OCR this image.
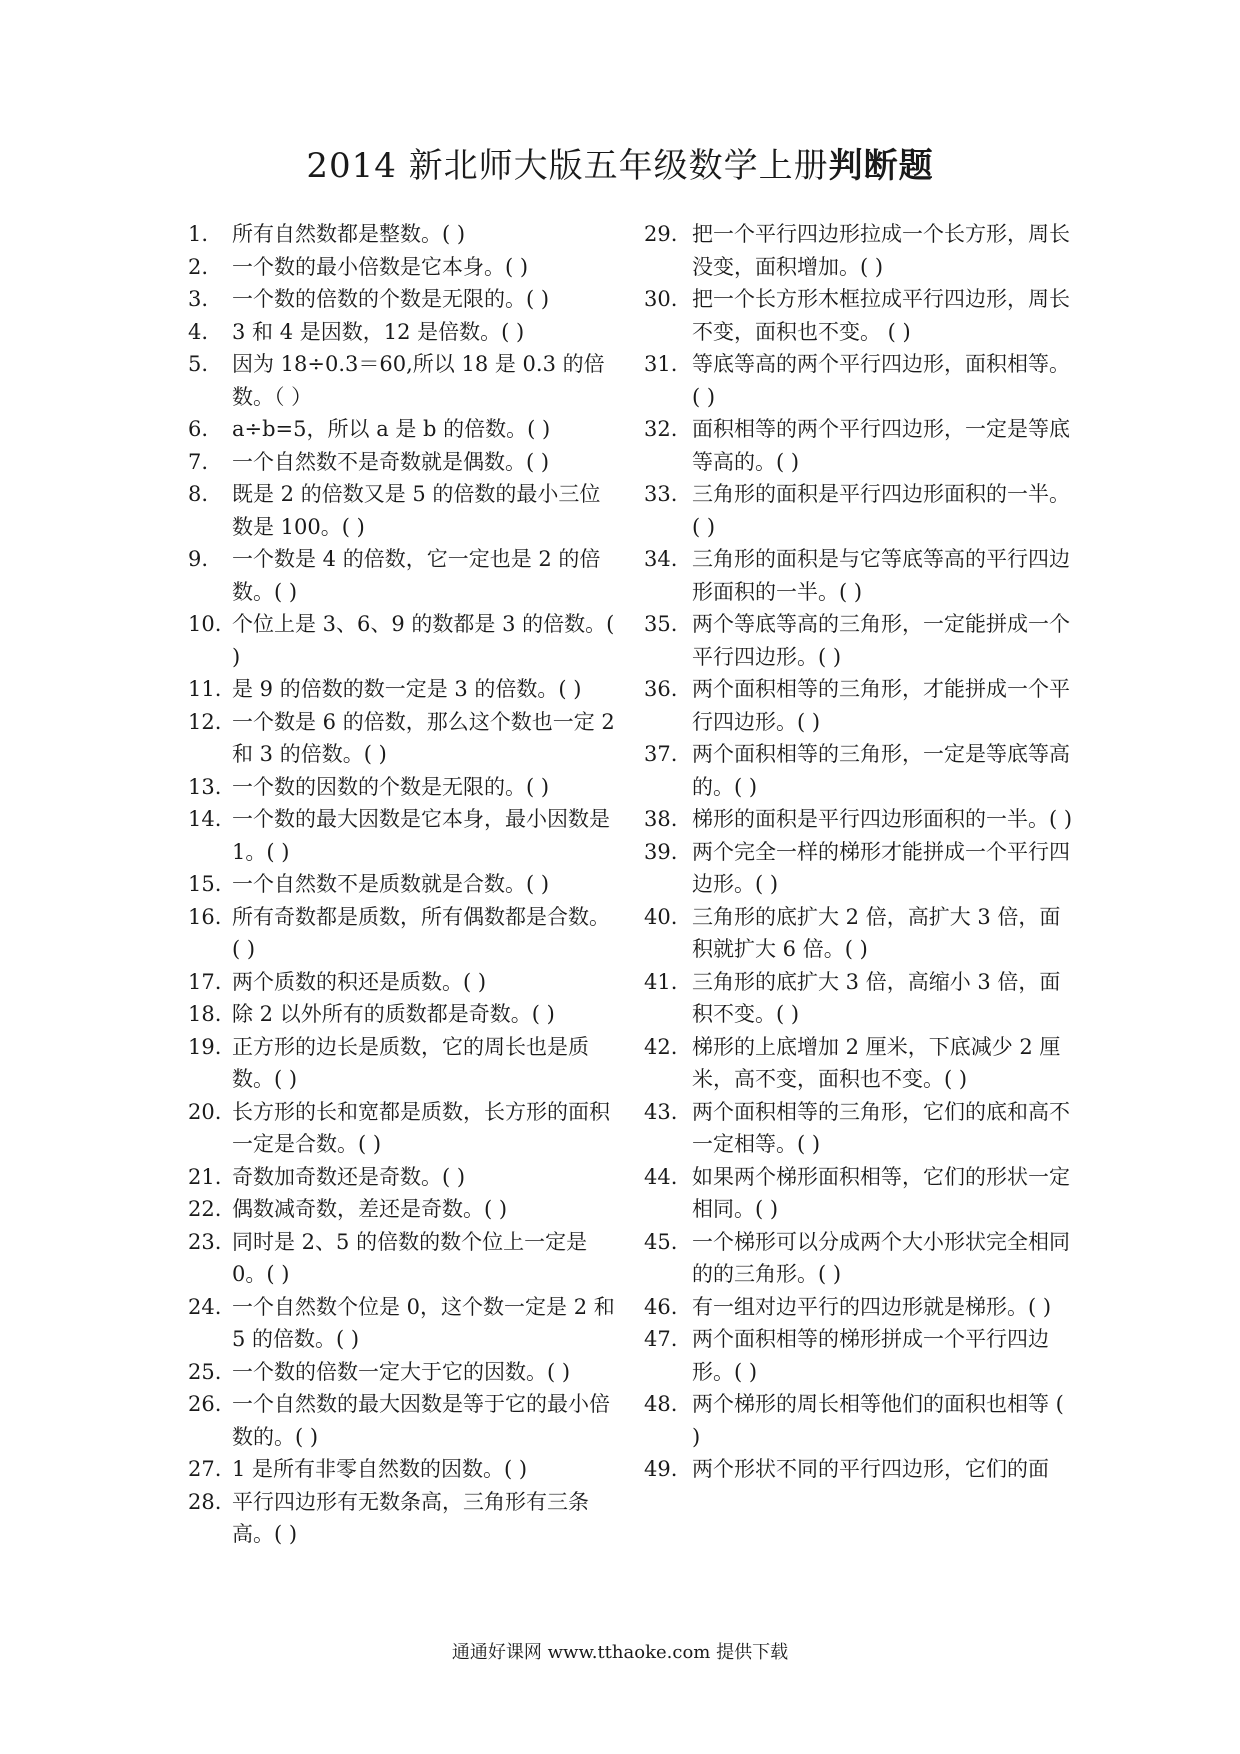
2014 新北师大版五年级数学上册判断题
1.	所有自然数都是整数。( )
2.	一个数的最小倍数是它本身。( )
3.	一个数的倍数的个数是无限的。( )
4.	3 和 4 是因数，12 是倍数。( )
5.	因为 18÷0.3＝60,所以 18 是 0.3 的倍数。（ ）
6.	a÷b=5，所以 a 是 b 的倍数。( )
7.	一个自然数不是奇数就是偶数。( )
8.	既是 2 的倍数又是 5 的倍数的最小三位数是 100。( )
9.	一个数是 4 的倍数，它一定也是 2 的倍数。( )
10. 个位上是 3、6、9 的数都是 3 的倍数。( )
11. 是 9 的倍数的数一定是 3 的倍数。( )
12. 一个数是 6 的倍数，那么这个数也一定 2 和 3 的倍数。( )
13. 一个数的因数的个数是无限的。( )
14. 一个数的最大因数是它本身，最小因数是 1。( )
15. 一个自然数不是质数就是合数。( )
16. 所有奇数都是质数，所有偶数都是合数。( )
17. 两个质数的积还是质数。( )
18. 除 2 以外所有的质数都是奇数。( )
19. 正方形的边长是质数，它的周长也是质数。( )
20. 长方形的长和宽都是质数，长方形的面积一定是合数。( )
21. 奇数加奇数还是奇数。( )
22. 偶数减奇数，差还是奇数。( )
23. 同时是 2、5 的倍数的数个位上一定是 0。( )
24. 一个自然数个位是 0，这个数一定是 2 和 5 的倍数。( )
25. 一个数的倍数一定大于它的因数。( )
26. 一个自然数的最大因数是等于它的最小倍数的。( )
27. 1 是所有非零自然数的因数。( )
28. 平行四边形有无数条高，三角形有三条高。( )
29. 把一个平行四边形拉成一个长方形，周长没变，面积增加。( )
30. 把一个长方形木框拉成平行四边形，周长不变，面积也不变。 ( )
31. 等底等高的两个平行四边形，面积相等。( )
32. 面积相等的两个平行四边形，一定是等底等高的。( )
33. 三角形的面积是平行四边形面积的一半。( )
34. 三角形的面积是与它等底等高的平行四边形面积的一半。( )
35. 两个等底等高的三角形，一定能拼成一个平行四边形。( )
36. 两个面积相等的三角形，才能拼成一个平行四边形。( )
37. 两个面积相等的三角形，一定是等底等高的。( )
38. 梯形的面积是平行四边形面积的一半。( )
39. 两个完全一样的梯形才能拼成一个平行四边形。( )
40. 三角形的底扩大 2 倍，高扩大 3 倍，面积就扩大 6 倍。( )
41. 三角形的底扩大 3 倍，高缩小 3 倍，面积不变。( )
42. 梯形的上底增加 2 厘米，下底减少 2 厘米，高不变，面积也不变。( )
43. 两个面积相等的三角形，它们的底和高不一定相等。( )
44. 如果两个梯形面积相等，它们的形状一定相同。( )
45. 一个梯形可以分成两个大小形状完全相同的的三角形。( )
46. 有一组对边平行的四边形就是梯形。( )
47. 两个面积相等的梯形拼成一个平行四边形。( )
48. 两个梯形的周长相等他们的面积也相等 ( )
49. 两个形状不同的平行四边形，它们的面
通通好课网 www.tthaoke.com 提供下载
